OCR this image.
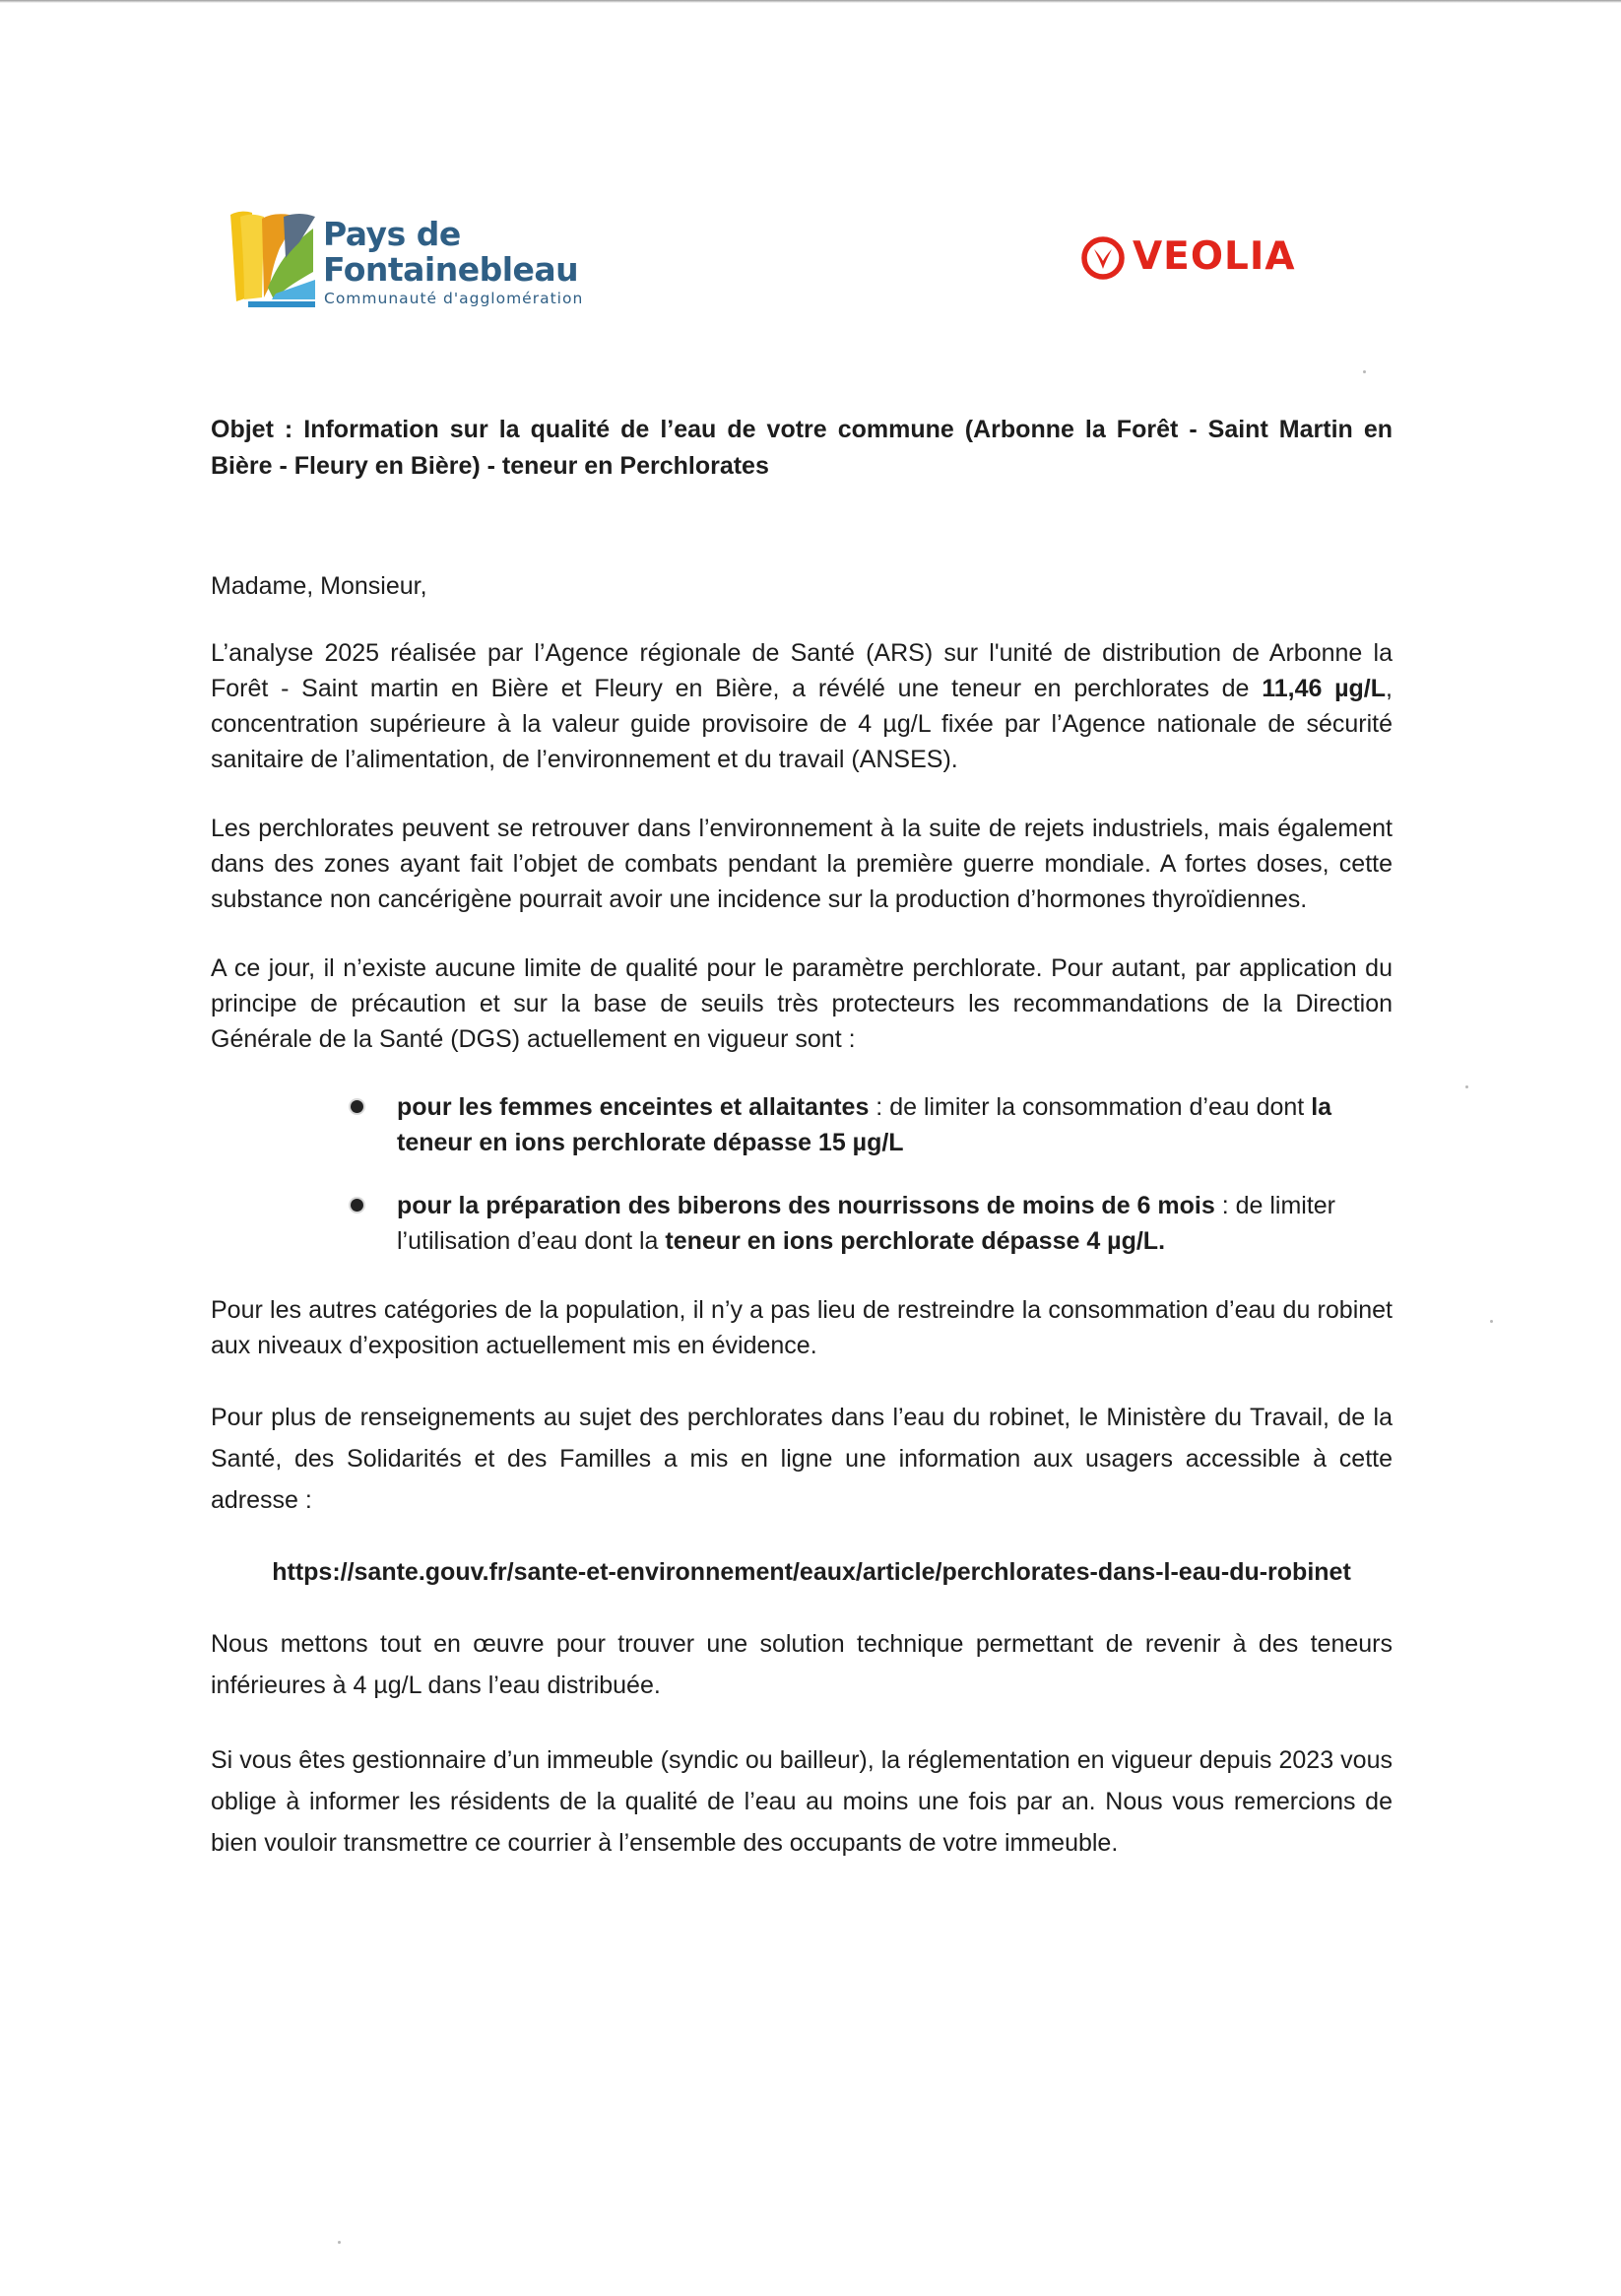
Pays de
Fontainebleau
Communauté d'agglomération
VEOLIA

Objet : Information sur la qualité de l’eau de votre commune (Arbonne la Forêt - Saint Martin en Bière - Fleury en Bière) - teneur en Perchlorates

Madame, Monsieur,

L’analyse 2025 réalisée par l’Agence régionale de Santé (ARS) sur l'unité de distribution de Arbonne la Forêt - Saint martin en Bière et Fleury en Bière, a révélé une teneur en perchlorates de 11,46 µg/L, concentration supérieure à la valeur guide provisoire de 4 µg/L fixée par l’Agence nationale de sécurité sanitaire de l’alimentation, de l’environnement et du travail (ANSES).

Les perchlorates peuvent se retrouver dans l’environnement à la suite de rejets industriels, mais également dans des zones ayant fait l’objet de combats pendant la première guerre mondiale. A fortes doses, cette substance non cancérigène pourrait avoir une incidence sur la production d’hormones thyroïdiennes.

A ce jour, il n’existe aucune limite de qualité pour le paramètre perchlorate. Pour autant, par application du principe de précaution et sur la base de seuils très protecteurs les recommandations de la Direction Générale de la Santé (DGS) actuellement en vigueur sont :

pour les femmes enceintes et allaitantes : de limiter la consommation d’eau dont la teneur en ions perchlorate dépasse 15 µg/L
pour la préparation des biberons des nourrissons de moins de 6 mois : de limiter l’utilisation d’eau dont la teneur en ions perchlorate dépasse 4 µg/L.

Pour les autres catégories de la population, il n’y a pas lieu de restreindre la consommation d’eau du robinet aux niveaux d’exposition actuellement mis en évidence.

Pour plus de renseignements au sujet des perchlorates dans l’eau du robinet, le Ministère du Travail, de la Santé, des Solidarités et des Familles a mis en ligne une information aux usagers accessible à cette adresse :

https://sante.gouv.fr/sante-et-environnement/eaux/article/perchlorates-dans-l-eau-du-robinet

Nous mettons tout en œuvre pour trouver une solution technique permettant de revenir à des teneurs inférieures à 4 µg/L dans l’eau distribuée.

Si vous êtes gestionnaire d’un immeuble (syndic ou bailleur), la réglementation en vigueur depuis 2023 vous oblige à informer les résidents de la qualité de l’eau au moins une fois par an. Nous vous remercions de bien vouloir transmettre ce courrier à l’ensemble des occupants de votre immeuble.
